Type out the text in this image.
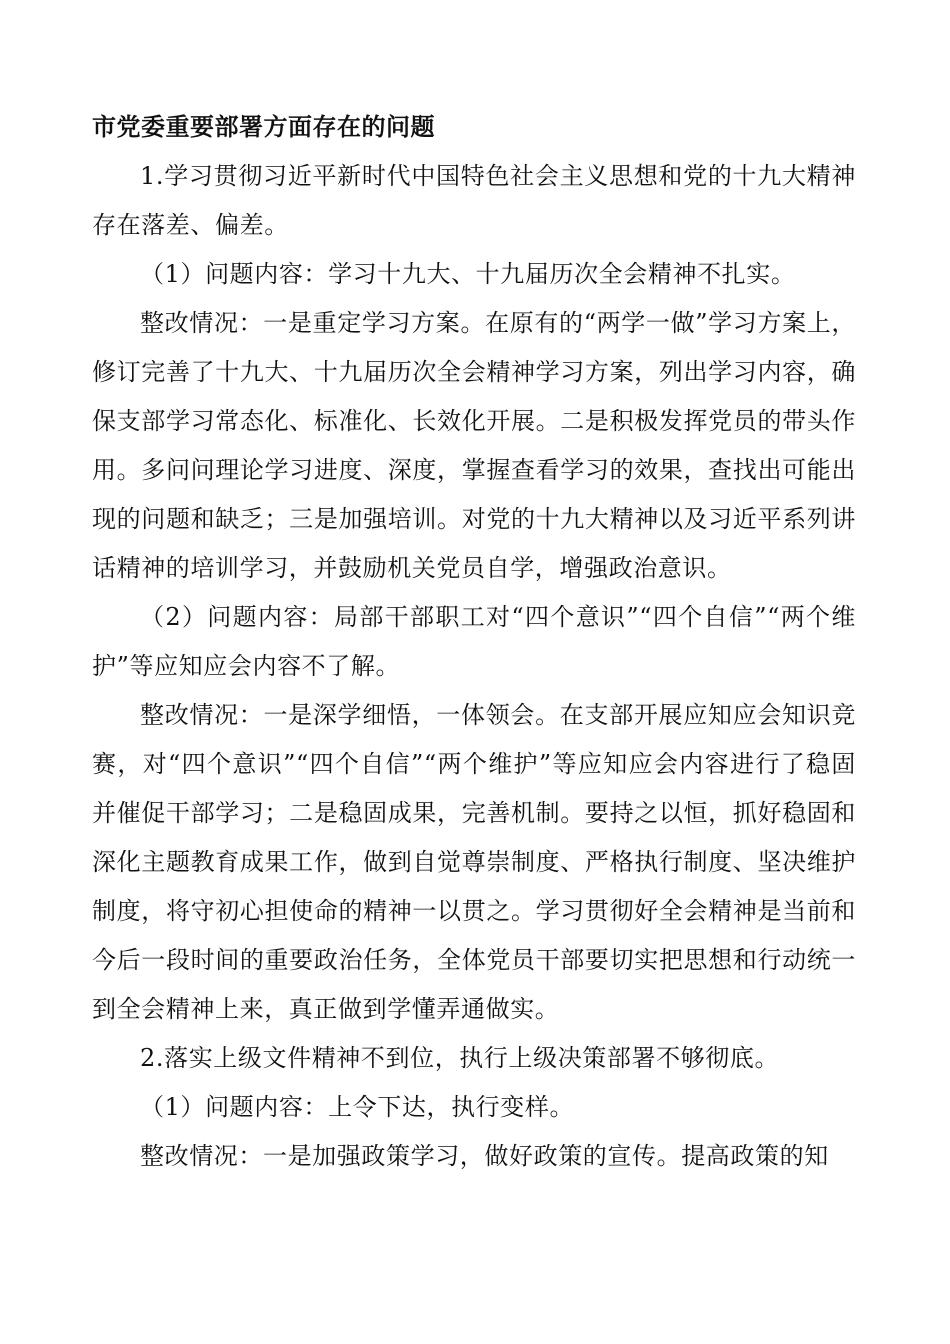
市党委重要部署方面存在的问题

1.学习贯彻习近平新时代中国特色社会主义思想和党的十九大精神存在落差、偏差。

（1）问题内容：学习十九大、十九届历次全会精神不扎实。

整改情况：一是重定学习方案。在原有的“两学一做”学习方案上，修订完善了十九大、十九届历次全会精神学习方案，列出学习内容，确保支部学习常态化、标准化、长效化开展。二是积极发挥党员的带头作用。多问问理论学习进度、深度，掌握查看学习的效果，查找出可能出现的问题和缺乏；三是加强培训。对党的十九大精神以及习近平系列讲话精神的培训学习，并鼓励机关党员自学，增强政治意识。

（2）问题内容：局部干部职工对“四个意识”“四个自信”“两个维护”等应知应会内容不了解。

整改情况：一是深学细悟，一体领会。在支部开展应知应会知识竞赛，对“四个意识”“四个自信”“两个维护”等应知应会内容进行了稳固并催促干部学习；二是稳固成果，完善机制。要持之以恒，抓好稳固和深化主题教育成果工作，做到自觉尊崇制度、严格执行制度、坚决维护制度，将守初心担使命的精神一以贯之。学习贯彻好全会精神是当前和今后一段时间的重要政治任务，全体党员干部要切实把思想和行动统一到全会精神上来，真正做到学懂弄通做实。

2.落实上级文件精神不到位，执行上级决策部署不够彻底。

（1）问题内容：上令下达，执行变样。

整改情况：一是加强政策学习，做好政策的宣传。提高政策的知
